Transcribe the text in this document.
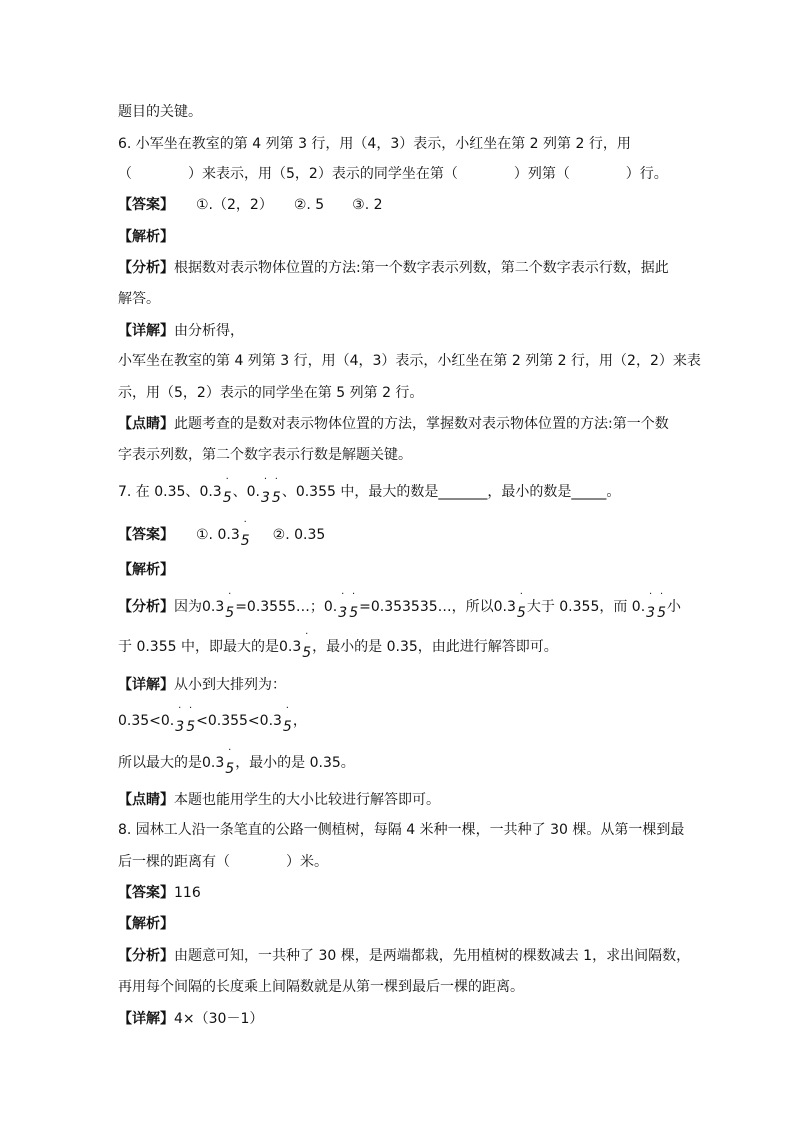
题目的关键。
6. 小军坐在教室的第 4 列第 3 行，用（4，3）表示，小红坐在第 2 列第 2 行，用
（　　　　）来表示，用（5，2）表示的同学坐在第（　　　　）列第（　　　　）行。
【答案】 ①.（2，2）　　②. 5　　③. 2
【解析】
【分析】根据数对表示物体位置的方法:第一个数字表示列数，第二个数字表示行数，据此
解答。
【详解】由分析得，
小军坐在教室的第 4 列第 3 行，用（4，3）表示，小红坐在第 2 列第 2 行，用（2，2）来表
示，用（5，2）表示的同学坐在第 5 列第 2 行。
【点睛】此题考查的是数对表示物体位置的方法，掌握数对表示物体位置的方法:第一个数
字表示列数，第二个数字表示行数是解题关键。
7. 在 0.35、0.3
·
5、0.
·
3
·
5、0.355 中，最大的数是_______，最小的数是_____。
【答案】 ①. 0.3
·
5 ②. 0.35
【解析】
【分析】因为0.3
·
5=0.3555…；0.
·
3
·
5=0.353535…，所以0.3
·
5大于 0.355，而 0.
·
3
·
5小
于 0.355 中，即最大的是0.3
·
5，最小的是 0.35，由此进行解答即可。
【详解】从小到大排列为：
0.35<0.
·
3
·
5<0.355<0.3
·
5，
所以最大的是0.3
·
5，最小的是 0.35。
【点睛】本题也能用学生的大小比较进行解答即可。
8. 园林工人沿一条笔直的公路一侧植树，每隔 4 米种一棵，一共种了 30 棵。从第一棵到最
后一棵的距离有（　　　　）米。
【答案】116
【解析】
【分析】由题意可知，一共种了 30 棵，是两端都栽，先用植树的棵数减去 1，求出间隔数，
再用每个间隔的长度乘上间隔数就是从第一棵到最后一棵的距离。
【详解】4×（30－1）
